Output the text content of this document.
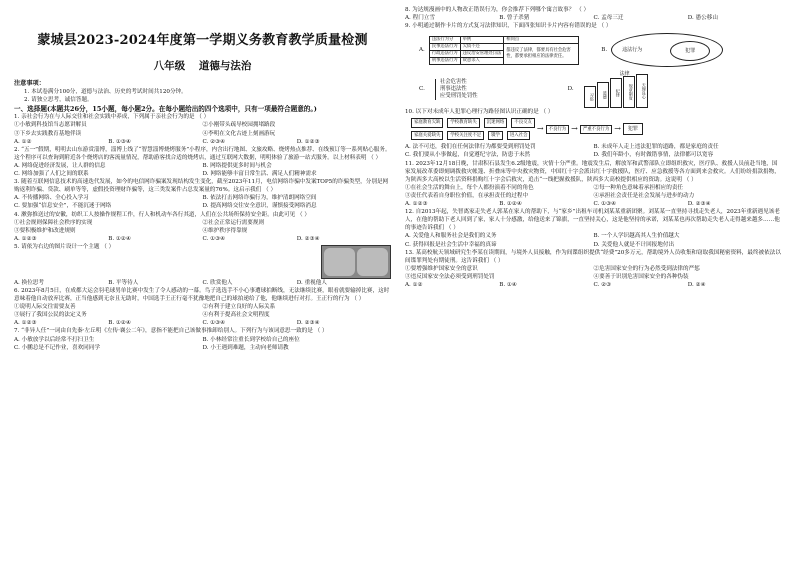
蒙城县2023-2024年度第一学期义务教育教学质量检测
八年级 道德与法治
注意事项：
1. 本试卷满分100分，道德与法治、历史的考试时间共120分钟。
2. 请独立思考，诚信答题。
一、选择题(本题共26分，15小题，每小题2分。在每小题给出的四个选项中，只有一项最符合题意的。)
1. 亲社会行为在与人际交往和社会实践中养成，下列属于亲社会行为的是 （ ）
①小敏到科技馆当志愿讲解员	②小刚带头疏导校园拥堵路段
③下乡去实践教育基地伴读	④李明在文化古迹上刻画游玩
A. ①②	B. ①③④	C. ②③④	D. ①②③
2. “五一”假期，明明去山东游赏淄博，淄博上线了“智慧淄博烧烤服务”小程序，内含出行地图、文旅攻略、烧烤热点推荐、在线预订等一系列贴心服务。这个程序可以查询到附近各个烧烤店的客流量情况，帮助游客找合适的烧烤店，通过互联网大数据，明明体验了旅游一站式服务。以上材料表明 （ ）
A. 网络促进经济发展，让人群的信息	B. 网络提供更多时间与机会
C. 网络加强了人们之间的联系	D. 网络能够丰富日常生活、满足人们精神需求
3. 随着互联网信息技术的高速迭代发展，如今的电信网诈骗案发现结构发生变化，截至2023年11月，电信网络诈骗中发案TOP5的诈骗类型，分别是网购返利诈骗、贷款、刷单等等，虚假投资理财诈骗等，这三类发案件占总发案量的76%。这启示我们 （ ）
A. 不传播网络、全心投入学习	B. 依法打击网络诈骗行为，维护清朗网络空间
C. 要加强“信息安全”，不能沉迷于网络	D. 提高网络交往安全意识，谨慎接受网络消息
4. 漱弥推送过的安徽，纺织工人按操作规程工作，行人和机动车各行其道，人们在公共场所保持安全距。由此可见 （ ）
①社会规则保障社会秩序的实现	②社会正常运行需要规则
③要积极维护和改进规则	④维护秩序得靠规
A. ①②③	B. ①②④	C. ①③④	D. ②③④
5. 请依为右边的图片设计一个主题 （ ）
A. 换位思考	B. 平等待人	C. 欣赏他人	D. 重视他人
6. 2023年8月5日，在成都大运会羽毛球男单比赛中发生了令人感动的一幕。鸟子选选手不小心事遭球拍断线，无法继续比赛，眼看就要输掉比赛，这时意味着他自动放弃比赛，正当他感到无奈且无助时，中国选手王正行毫不犹豫地把自己的球拍递给了他，他继续进行对打。王正行的行为 （ ）
①说明人际交往需要友善	②有利于建立良好的人际关系
③展行了我国公民的法定义务	④有利于提高社会文明程度
A. ①②③	B. ①②④	C. ①③④	D. ②③④
7. “非异人任”一词由自先秦·左丘明《左传·襄公二年》，意指不能把自己该做事推卸给别人。下列行为与该词意思一致的是 （ ）
A. 小敏放学以后经常不打扫卫生	B. 小林经常注重长到学校给自己的座位
C. 小鹏总是不记作业，喜欢同同学	D. 小王遇到难题，主动向老师请教
8. 为达规漫画中的人物改正错误行为，你会推荐下列哪个寓言故事？ （ ）
A. 程门立雪	B. 曾子杀猪	C. 孟母三迁	D. 愚公移山
9. 小明通过制作卡片的方式复习法律知识，下面四张知识卡片内容有错误的是 （ ）
A.
违法行为分	举例	相同点
民事违法行为	欠债不还	都违反了法律，都要具有社会危害性，都要承担相应的法律责任。
行政违法行为	违反治安管理处罚法	
刑事违法行为	故意杀人	
B.	违法行为	犯罪
C.
社会危害性
刑事违法性
应受刑罚处罚性
D.
法律
习俗	道德	纪律	规章制度	天理良心
10. 以下对未成年人犯罪心理行为路径图认识正确的是 （ ）
家庭教育欠缺	学校教育缺失	沉迷网络	不良交友
家庭关爱缺失	学校关注度不足	辍学	进入社会
→	不良行为 →	严重不良行为 →	犯罪
A. 法不可违，我们在任何法律行为都要受到刑罚处罚	B. 未成年人走上违法犯罪的道路，都是家庭的责任
C. 我们要从小事做起，自觉遵纪守法，防患于未然	D. 我们年龄小，有时做错事情，法律都可以宽容
11. 2023年12月18日晚，甘肃积石县发生6.2级地震，灾情十分严重。地震发生后，解放军和武警部队立即组织救灾，医疗队、救援人员前赴当地，国家发展改革委即刻调拨救灾帐篷、折叠床等中央救灾物资，中国红十字会派出红十字救援队，医疗、应急救援等各方面到来会救灾。人们纷纷捐款捐物，为陕西多大高校以生活资料捐购红十字会后救灾，追击“一线把握救援队，陕西多大高校提供相应的资助。这说明 （ ）
①在社会生活的舞台上，每个人都扮演着不同的角色	②每一种角色意味着承担相应的责任
③责任代表着自身职位价值，在承担责任的过程中	④承担社会责任是社会发展与进步的动力
A. ①②③	B. ①②④	C. ①③④	D. ②③④
12. 自2013年起，失智离家走失老人郭某在家人的帮助下，与“家乡”出租车司机刘某某重新团聚。刘某某一直坚持寻找走失老人，2023年重新遇见该老人，在他的帮助下老人回到了家，家人十分感激，给他送来了锦旗，一直坚持关心，这是他坚持的承诺，刘某某也再次帮助走失老人走得越来越多……他的事迹告诉我们 （ ）
A. 关爱他人和服务社会是我们的义务	B. 一个人学识越高其人生价值越大
C. 获得回报是社会生活中幸福的真谛	D. 关爱他人就是不计回报地付出
13. 某高校航天领域研究生李某在读期间，与境外人员接触，作为间谍组织提供“经费”20多万元，帮助境外人员收集和窃取我国秘密资料，最终被依法以间谍罪判处有期徒刑。这告诉我们 （ ）
①要增强维护国家安全的意识	②危害国家安全的行为必然受到法律的严惩
③违反国家安全法必须受到刑罚处罚	④要善于识别危害国家安全的各种伪装
A. ①②	B. ①④	C. ②③	D. ②④
